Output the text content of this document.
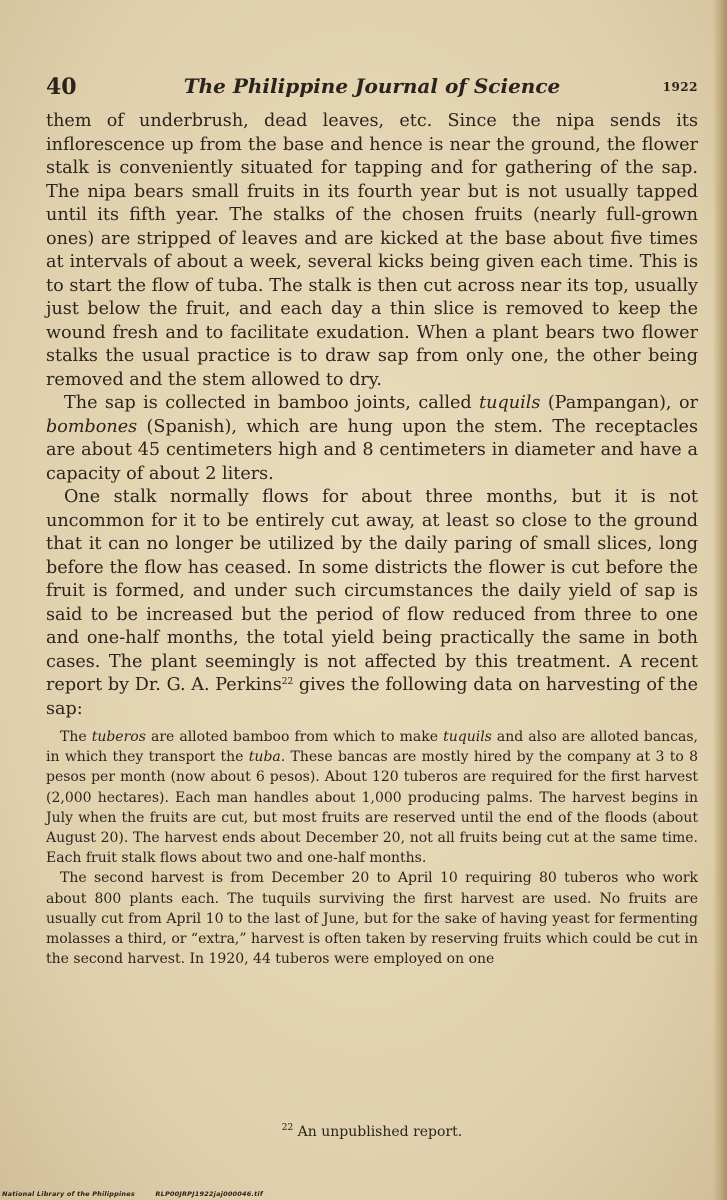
40	The Philippine Journal of Science	1922

them of underbrush, dead leaves, etc. Since the nipa sends its inflorescence up from the base and hence is near the ground, the flower stalk is conveniently situated for tapping and for gathering of the sap. The nipa bears small fruits in its fourth year but is not usually tapped until its fifth year. The stalks of the chosen fruits (nearly full-grown ones) are stripped of leaves and are kicked at the base about five times at intervals of about a week, several kicks being given each time. This is to start the flow of tuba. The stalk is then cut across near its top, usually just below the fruit, and each day a thin slice is removed to keep the wound fresh and to facilitate exudation. When a plant bears two flower stalks the usual practice is to draw sap from only one, the other being removed and the stem allowed to dry.

The sap is collected in bamboo joints, called tuquils (Pampangan), or bombones (Spanish), which are hung upon the stem. The receptacles are about 45 centimeters high and 8 centimeters in diameter and have a capacity of about 2 liters.

One stalk normally flows for about three months, but it is not uncommon for it to be entirely cut away, at least so close to the ground that it can no longer be utilized by the daily paring of small slices, long before the flow has ceased. In some districts the flower is cut before the fruit is formed, and under such circumstances the daily yield of sap is said to be increased but the period of flow reduced from three to one and one-half months, the total yield being practically the same in both cases. The plant seemingly is not affected by this treatment. A recent report by Dr. G. A. Perkins$^{22}$ gives the following data on harvesting of the sap:

The tuberos are alloted bamboo from which to make tuquils and also are alloted bancas, in which they transport the tuba. These bancas are mostly hired by the company at 3 to 8 pesos per month (now about 6 pesos). About 120 tuberos are required for the first harvest (2,000 hectares). Each man handles about 1,000 producing palms. The harvest begins in July when the fruits are cut, but most fruits are reserved until the end of the floods (about August 20). The harvest ends about December 20, not all fruits being cut at the same time. Each fruit stalk flows about two and one-half months.

The second harvest is from December 20 to April 10 requiring 80 tuberos who work about 800 plants each. The tuquils surviving the first harvest are used. No fruits are usually cut from April 10 to the last of June, but for the sake of having yeast for fermenting molasses a third, or “extra,” harvest is often taken by reserving fruits which could be cut in the second harvest. In 1920, 44 tuberos were employed on one

$^{22}$ An unpublished report.
National Library of the Philippines	RLP00JRPJ1922jaj000046.tif
